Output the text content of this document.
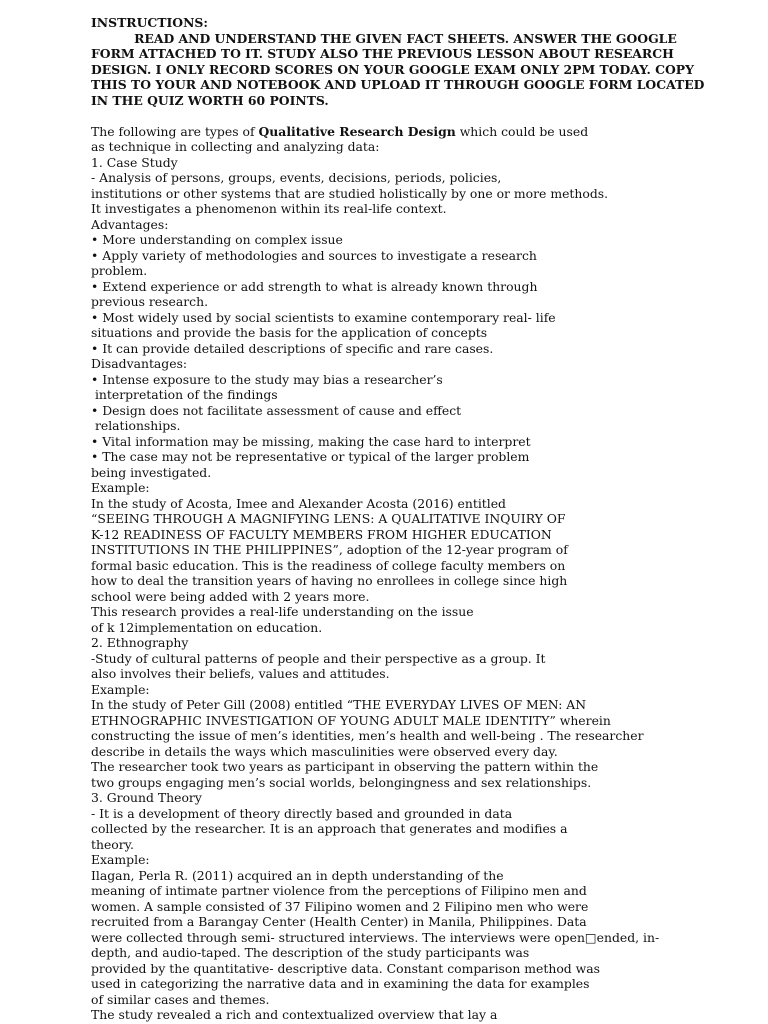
INSTRUCTIONS:
READ AND UNDERSTAND THE GIVEN FACT SHEETS. ANSWER THE GOOGLE
FORM ATTACHED TO IT. STUDY ALSO THE PREVIOUS LESSON ABOUT RESEARCH
DESIGN. I ONLY RECORD SCORES ON YOUR GOOGLE EXAM ONLY 2PM TODAY. COPY
THIS TO YOUR AND NOTEBOOK AND UPLOAD IT THROUGH GOOGLE FORM LOCATED
IN THE QUIZ WORTH 60 POINTS.
The following are types of Qualitative Research Design which could be used
as technique in collecting and analyzing data:
1. Case Study
- Analysis of persons, groups, events, decisions, periods, policies,
institutions or other systems that are studied holistically by one or more methods.
It investigates a phenomenon within its real-life context.
Advantages:
• More understanding on complex issue
• Apply variety of methodologies and sources to investigate a research
problem.
• Extend experience or add strength to what is already known through
previous research.
• Most widely used by social scientists to examine contemporary real- life
situations and provide the basis for the application of concepts
• It can provide detailed descriptions of specific and rare cases.
Disadvantages:
• Intense exposure to the study may bias a researcher’s
interpretation of the findings
• Design does not facilitate assessment of cause and effect
relationships.
• Vital information may be missing, making the case hard to interpret
• The case may not be representative or typical of the larger problem
being investigated.
Example:
In the study of Acosta, Imee and Alexander Acosta (2016) entitled
“SEEING THROUGH A MAGNIFYING LENS: A QUALITATIVE INQUIRY OF
K-12 READINESS OF FACULTY MEMBERS FROM HIGHER EDUCATION
INSTITUTIONS IN THE PHILIPPINES”, adoption of the 12-year program of
formal basic education. This is the readiness of college faculty members on
how to deal the transition years of having no enrollees in college since high
school were being added with 2 years more.
This research provides a real-life understanding on the issue
of k 12implementation on education.
2. Ethnography
-Study of cultural patterns of people and their perspective as a group. It
also involves their beliefs, values and attitudes.
Example:
In the study of Peter Gill (2008) entitled “THE EVERYDAY LIVES OF MEN: AN
ETHNOGRAPHIC INVESTIGATION OF YOUNG ADULT MALE IDENTITY” wherein
constructing the issue of men’s identities, men’s health and well-being . The researcher
describe in details the ways which masculinities were observed every day.
The researcher took two years as participant in observing the pattern within the
two groups engaging men’s social worlds, belongingness and sex relationships.
3. Ground Theory
- It is a development of theory directly based and grounded in data
collected by the researcher. It is an approach that generates and modifies a
theory.
Example:
Ilagan, Perla R. (2011) acquired an in depth understanding of the
meaning of intimate partner violence from the perceptions of Filipino men and
women. A sample consisted of 37 Filipino women and 2 Filipino men who were
recruited from a Barangay Center (Health Center) in Manila, Philippines. Data
were collected through semi- structured interviews. The interviews were open□ended, in-
depth, and audio-taped. The description of the study participants was
provided by the quantitative- descriptive data. Constant comparison method was
used in categorizing the narrative data and in examining the data for examples
of similar cases and themes.
The study revealed a rich and contextualized overview that lay a
